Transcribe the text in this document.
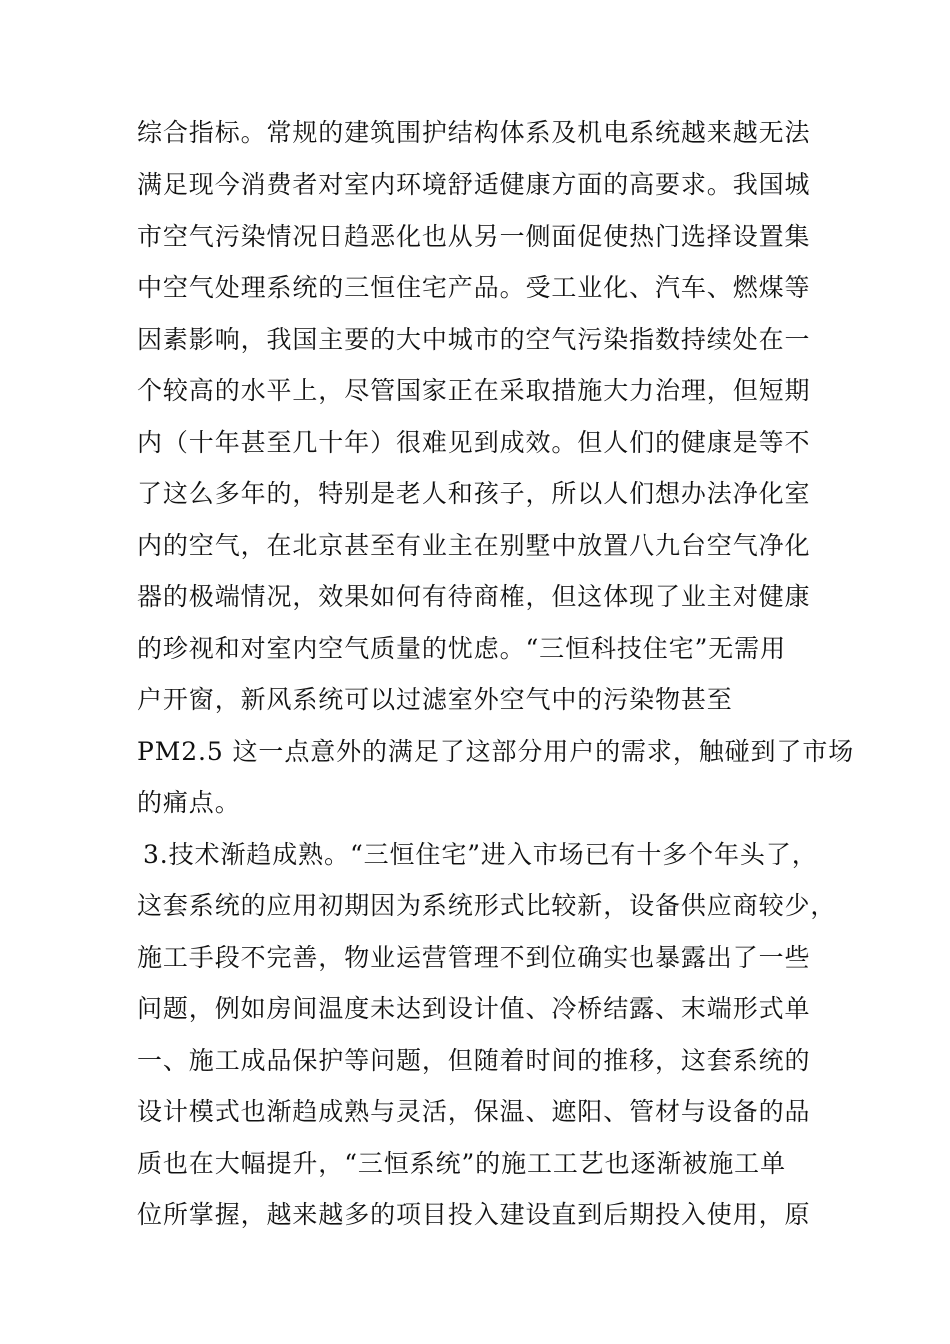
综合指标。常规的建筑围护结构体系及机电系统越来越无法
满足现今消费者对室内环境舒适健康方面的高要求。我国城
市空气污染情况日趋恶化也从另一侧面促使热门选择设置集
中空气处理系统的三恒住宅产品。受工业化、汽车、燃煤等
因素影响，我国主要的大中城市的空气污染指数持续处在一
个较高的水平上，尽管国家正在采取措施大力治理，但短期
内（十年甚至几十年）很难见到成效。但人们的健康是等不
了这么多年的，特别是老人和孩子，所以人们想办法净化室
内的空气，在北京甚至有业主在别墅中放置八九台空气净化
器的极端情况，效果如何有待商榷，但这体现了业主对健康
的珍视和对室内空气质量的忧虑。“三恒科技住宅”无需用
户开窗，新风系统可以过滤室外空气中的污染物甚至
PM2.5 这一点意外的满足了这部分用户的需求，触碰到了市场
的痛点。
3.技术渐趋成熟。“三恒住宅”进入市场已有十多个年头了，
这套系统的应用初期因为系统形式比较新，设备供应商较少，
施工手段不完善，物业运营管理不到位确实也暴露出了一些
问题，例如房间温度未达到设计值、冷桥结露、末端形式单
一、施工成品保护等问题，但随着时间的推移，这套系统的
设计模式也渐趋成熟与灵活，保温、遮阳、管材与设备的品
质也在大幅提升，“三恒系统”的施工工艺也逐渐被施工单
位所掌握，越来越多的项目投入建设直到后期投入使用，原
